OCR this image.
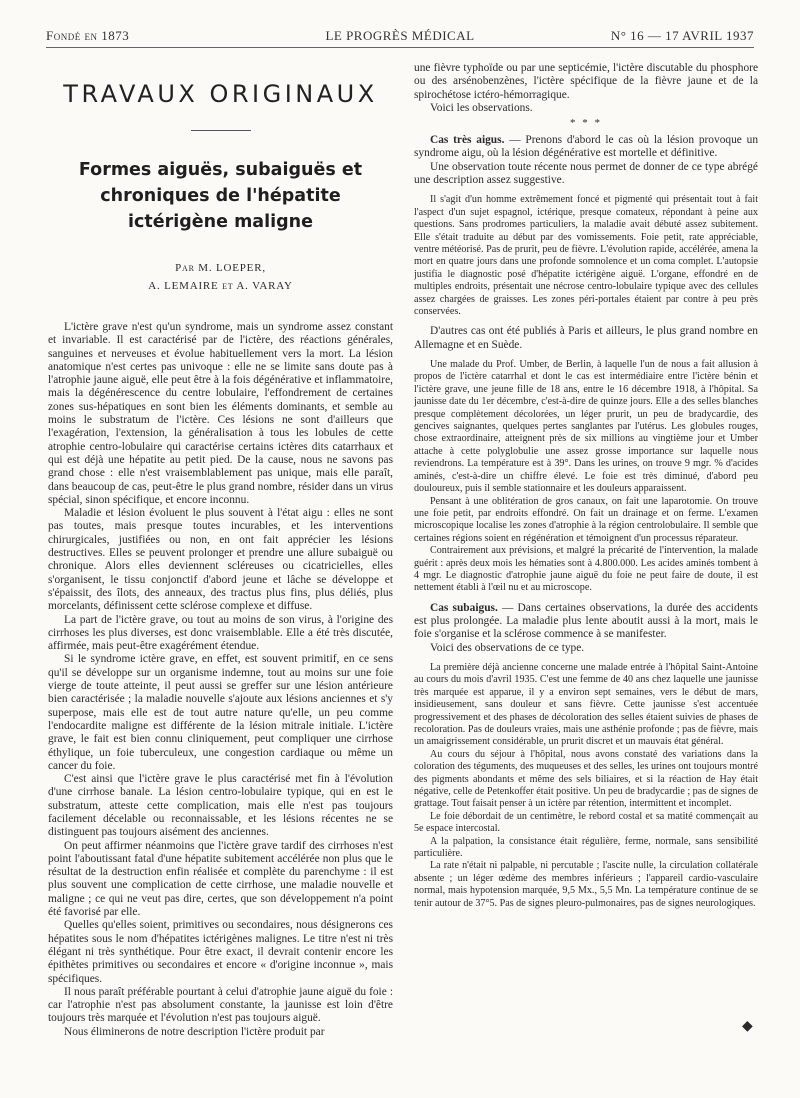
Fondé en 1873	LE PROGRÈS MÉDICAL	N° 16 — 17 AVRIL 1937
TRAVAUX ORIGINAUX
Formes aiguës, subaiguës et chroniques de l'hépatite ictérigène maligne
Par M. LOEPER,
A. LEMAIRE et A. VARAY

L'ictère grave n'est qu'un syndrome, mais un syndrome assez constant et invariable. Il est caractérisé par de l'ictère, des réactions générales, sanguines et nerveuses et évolue habituellement vers la mort. La lésion anatomique n'est certes pas univoque : elle ne se limite sans doute pas à l'atrophie jaune aiguë, elle peut être à la fois dégénérative et inflammatoire, mais la dégénérescence du centre lobulaire, l'effondrement de certaines zones sus-hépatiques en sont bien les éléments dominants, et semble au moins le substratum de l'ictère. Ces lésions ne sont d'ailleurs que l'exagération, l'extension, la généralisation à tous les lobules de cette atrophie centro-lobulaire qui caractérise certains ictères dits catarrhaux et qui est déjà une hépatite au petit pied. De la cause, nous ne savons pas grand chose : elle n'est vraisemblablement pas unique, mais elle paraît, dans beaucoup de cas, peut-être le plus grand nombre, résider dans un virus spécial, sinon spécifique, et encore inconnu.

Maladie et lésion évoluent le plus souvent à l'état aigu : elles ne sont pas toutes, mais presque toutes incurables, et les interventions chirurgicales, justifiées ou non, en ont fait apprécier les lésions destructives. Elles se peuvent prolonger et prendre une allure subaiguë ou chronique. Alors elles deviennent scléreuses ou cicatricielles, elles s'organisent, le tissu conjonctif d'abord jeune et lâche se développe et s'épaissit, des îlots, des anneaux, des tractus plus fins, plus déliés, plus morcelants, définissent cette sclérose complexe et diffuse.

La part de l'ictère grave, ou tout au moins de son virus, à l'origine des cirrhoses les plus diverses, est donc vraisemblable. Elle a été très discutée, affirmée, mais peut-être exagérément étendue.

Si le syndrome ictère grave, en effet, est souvent primitif, en ce sens qu'il se développe sur un organisme indemne, tout au moins sur une foie vierge de toute atteinte, il peut aussi se greffer sur une lésion antérieure bien caractérisée ; la maladie nouvelle s'ajoute aux lésions anciennes et s'y superpose, mais elle est de tout autre nature qu'elle, un peu comme l'endocardite maligne est différente de la lésion mitrale initiale. L'ictère grave, le fait est bien connu cliniquement, peut compliquer une cirrhose éthylique, un foie tuberculeux, une congestion cardiaque ou même un cancer du foie.

C'est ainsi que l'ictère grave le plus caractérisé met fin à l'évolution d'une cirrhose banale. La lésion centro-lobulaire typique, qui en est le substratum, atteste cette complication, mais elle n'est pas toujours facilement décelable ou reconnaissable, et les lésions récentes ne se distinguent pas toujours aisément des anciennes.

On peut affirmer néanmoins que l'ictère grave tardif des cirrhoses n'est point l'aboutissant fatal d'une hépatite subitement accélérée non plus que le résultat de la destruction enfin réalisée et complète du parenchyme : il est plus souvent une complication de cette cirrhose, une maladie nouvelle et maligne ; ce qui ne veut pas dire, certes, que son développement n'a point été favorisé par elle.

Quelles qu'elles soient, primitives ou secondaires, nous désignerons ces hépatites sous le nom d'hépatites ictérigènes malignes. Le titre n'est ni très élégant ni très synthétique. Pour être exact, il devrait contenir encore les épithètes primitives ou secondaires et encore « d'origine inconnue », mais spécifiques.

Il nous paraît préférable pourtant à celui d'atrophie jaune aiguë du foie : car l'atrophie n'est pas absolument constante, la jaunisse est loin d'être toujours très marquée et l'évolution n'est pas toujours aiguë.

Nous éliminerons de notre description l'ictère produit par

une fièvre typhoïde ou par une septicémie, l'ictère discutable du phosphore ou des arsénobenzènes, l'ictère spécifique de la fièvre jaune et de la spirochétose ictéro-hémorragique.

Voici les observations.

* * *

Cas très aigus. — Prenons d'abord le cas où la lésion provoque un syndrome aigu, où la lésion dégénérative est mortelle et définitive.

Une observation toute récente nous permet de donner de ce type abrégé une description assez suggestive.

Il s'agit d'un homme extrêmement foncé et pigmenté qui présentait tout à fait l'aspect d'un sujet espagnol, ictérique, presque comateux, répondant à peine aux questions. Sans prodromes particuliers, la maladie avait débuté assez subitement. Elle s'était traduite au début par des vomissements. Foie petit, rate appréciable, ventre météorisé. Pas de prurit, peu de fièvre. L'évolution rapide, accélérée, amena la mort en quatre jours dans une profonde somnolence et un coma complet. L'autopsie justifia le diagnostic posé d'hépatite ictérigène aiguë. L'organe, effondré en de multiples endroits, présentait une nécrose centro-lobulaire typique avec des cellules assez chargées de graisses. Les zones péri-portales étaient par contre à peu près conservées.

D'autres cas ont été publiés à Paris et ailleurs, le plus grand nombre en Allemagne et en Suède.

Une malade du Prof. Umber, de Berlin, à laquelle l'un de nous a fait allusion à propos de l'ictère catarrhal et dont le cas est intermédiaire entre l'ictère bénin et l'ictère grave, une jeune fille de 18 ans, entre le 16 décembre 1918, à l'hôpital. Sa jaunisse date du 1er décembre, c'est-à-dire de quinze jours. Elle a des selles blanches presque complètement décolorées, un léger prurit, un peu de bradycardie, des gencives saignantes, quelques pertes sanglantes par l'utérus. Les globules rouges, chose extraordinaire, atteignent près de six millions au vingtième jour et Umber attache à cette polyglobulie une assez grosse importance sur laquelle nous reviendrons. La température est à 39°. Dans les urines, on trouve 9 mgr. % d'acides aminés, c'est-à-dire un chiffre élevé. Le foie est très diminué, d'abord peu douloureux, puis il semble stationnaire et les douleurs apparaissent.

Pensant à une oblitération de gros canaux, on fait une laparotomie. On trouve une foie petit, par endroits effondré. On fait un drainage et on ferme. L'examen microscopique localise les zones d'atrophie à la région centrolobulaire. Il semble que certaines régions soient en régénération et témoignent d'un processus réparateur.

Contrairement aux prévisions, et malgré la précarité de l'intervention, la malade guérit : après deux mois les hématies sont à 4.800.000. Les acides aminés tombent à 4 mgr. Le diagnostic d'atrophie jaune aiguë du foie ne peut faire de doute, il est nettement établi à l'œil nu et au microscope.

Cas subaigus. — Dans certaines observations, la durée des accidents est plus prolongée. La maladie plus lente aboutit aussi à la mort, mais le foie s'organise et la sclérose commence à se manifester.

Voici des observations de ce type.

La première déjà ancienne concerne une malade entrée à l'hôpital Saint-Antoine au cours du mois d'avril 1935. C'est une femme de 40 ans chez laquelle une jaunisse très marquée est apparue, il y a environ sept semaines, vers le début de mars, insidieusement, sans douleur et sans fièvre. Cette jaunisse s'est accentuée progressivement et des phases de décoloration des selles étaient suivies de phases de recoloration. Pas de douleurs vraies, mais une asthénie profonde ; pas de fièvre, mais un amaigrissement considérable, un prurit discret et un mauvais état général.

Au cours du séjour à l'hôpital, nous avons constaté des variations dans la coloration des téguments, des muqueuses et des selles, les urines ont toujours montré des pigments abondants et même des sels biliaires, et si la réaction de Hay était négative, celle de Petenkoffer était positive. Un peu de bradycardie ; pas de signes de grattage. Tout faisait penser à un ictère par rétention, intermittent et incomplet.

Le foie débordait de un centimètre, le rebord costal et sa matité commençait au 5e espace intercostal.

A la palpation, la consistance était régulière, ferme, normale, sans sensibilité particulière.

La rate n'était ni palpable, ni percutable ; l'ascite nulle, la circulation collatérale absente ; un léger œdème des membres inférieurs ; l'appareil cardio-vasculaire normal, mais hypotension marquée, 9,5 Mx., 5,5 Mn. La température continue de se tenir autour de 37°5. Pas de signes pleuro-pulmonaires, pas de signes neurologiques.

◆
